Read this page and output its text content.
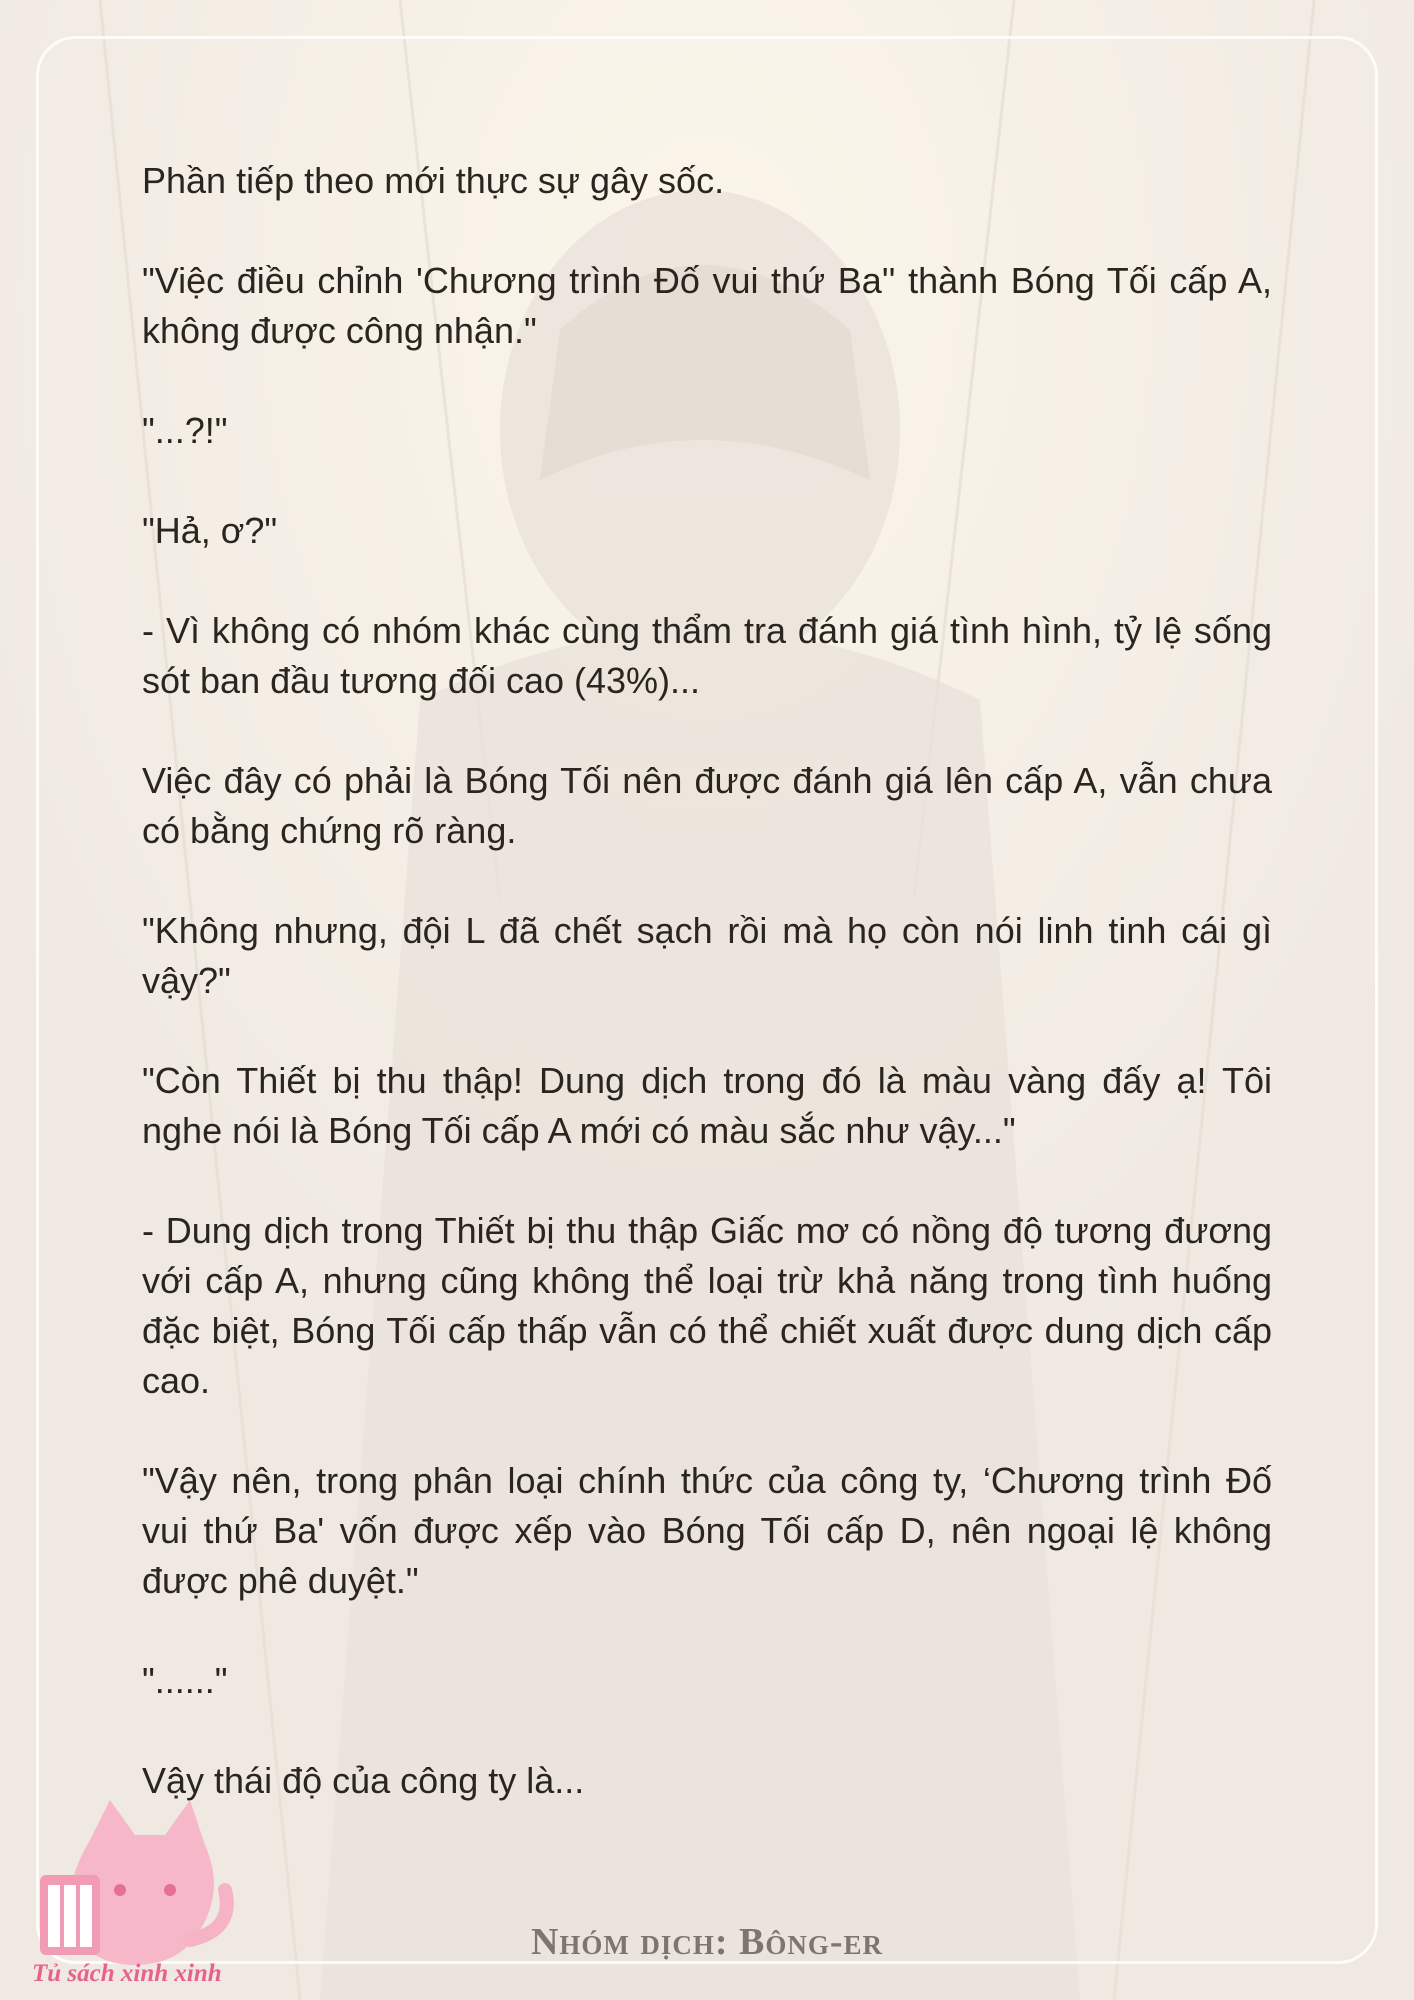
Phần tiếp theo mới thực sự gây sốc.

"Việc điều chỉnh 'Chương trình Đố vui thứ Ba'' thành Bóng Tối cấp A, không được công nhận."

"...?!"

"Hả, ơ?"

- Vì không có nhóm khác cùng thẩm tra đánh giá tình hình, tỷ lệ sống sót ban đầu tương đối cao (43%)...

Việc đây có phải là Bóng Tối nên được đánh giá lên cấp A, vẫn chưa có bằng chứng rõ ràng.

"Không nhưng, đội L đã chết sạch rồi mà họ còn nói linh tinh cái gì vậy?"

"Còn Thiết bị thu thập! Dung dịch trong đó là màu vàng đấy ạ! Tôi nghe nói là Bóng Tối cấp A mới có màu sắc như vậy..."

- Dung dịch trong Thiết bị thu thập Giấc mơ có nồng độ tương đương với cấp A, nhưng cũng không thể loại trừ khả năng trong tình huống đặc biệt, Bóng Tối cấp thấp vẫn có thể chiết xuất được dung dịch cấp cao.

"Vậy nên, trong phân loại chính thức của công ty, ‘Chương trình Đố vui thứ Ba' vốn được xếp vào Bóng Tối cấp D, nên ngoại lệ không được phê duyệt."

"......"

Vậy thái độ của công ty là...

Tủ sách xinh xinh
Nhóm dịch: Bông-er
